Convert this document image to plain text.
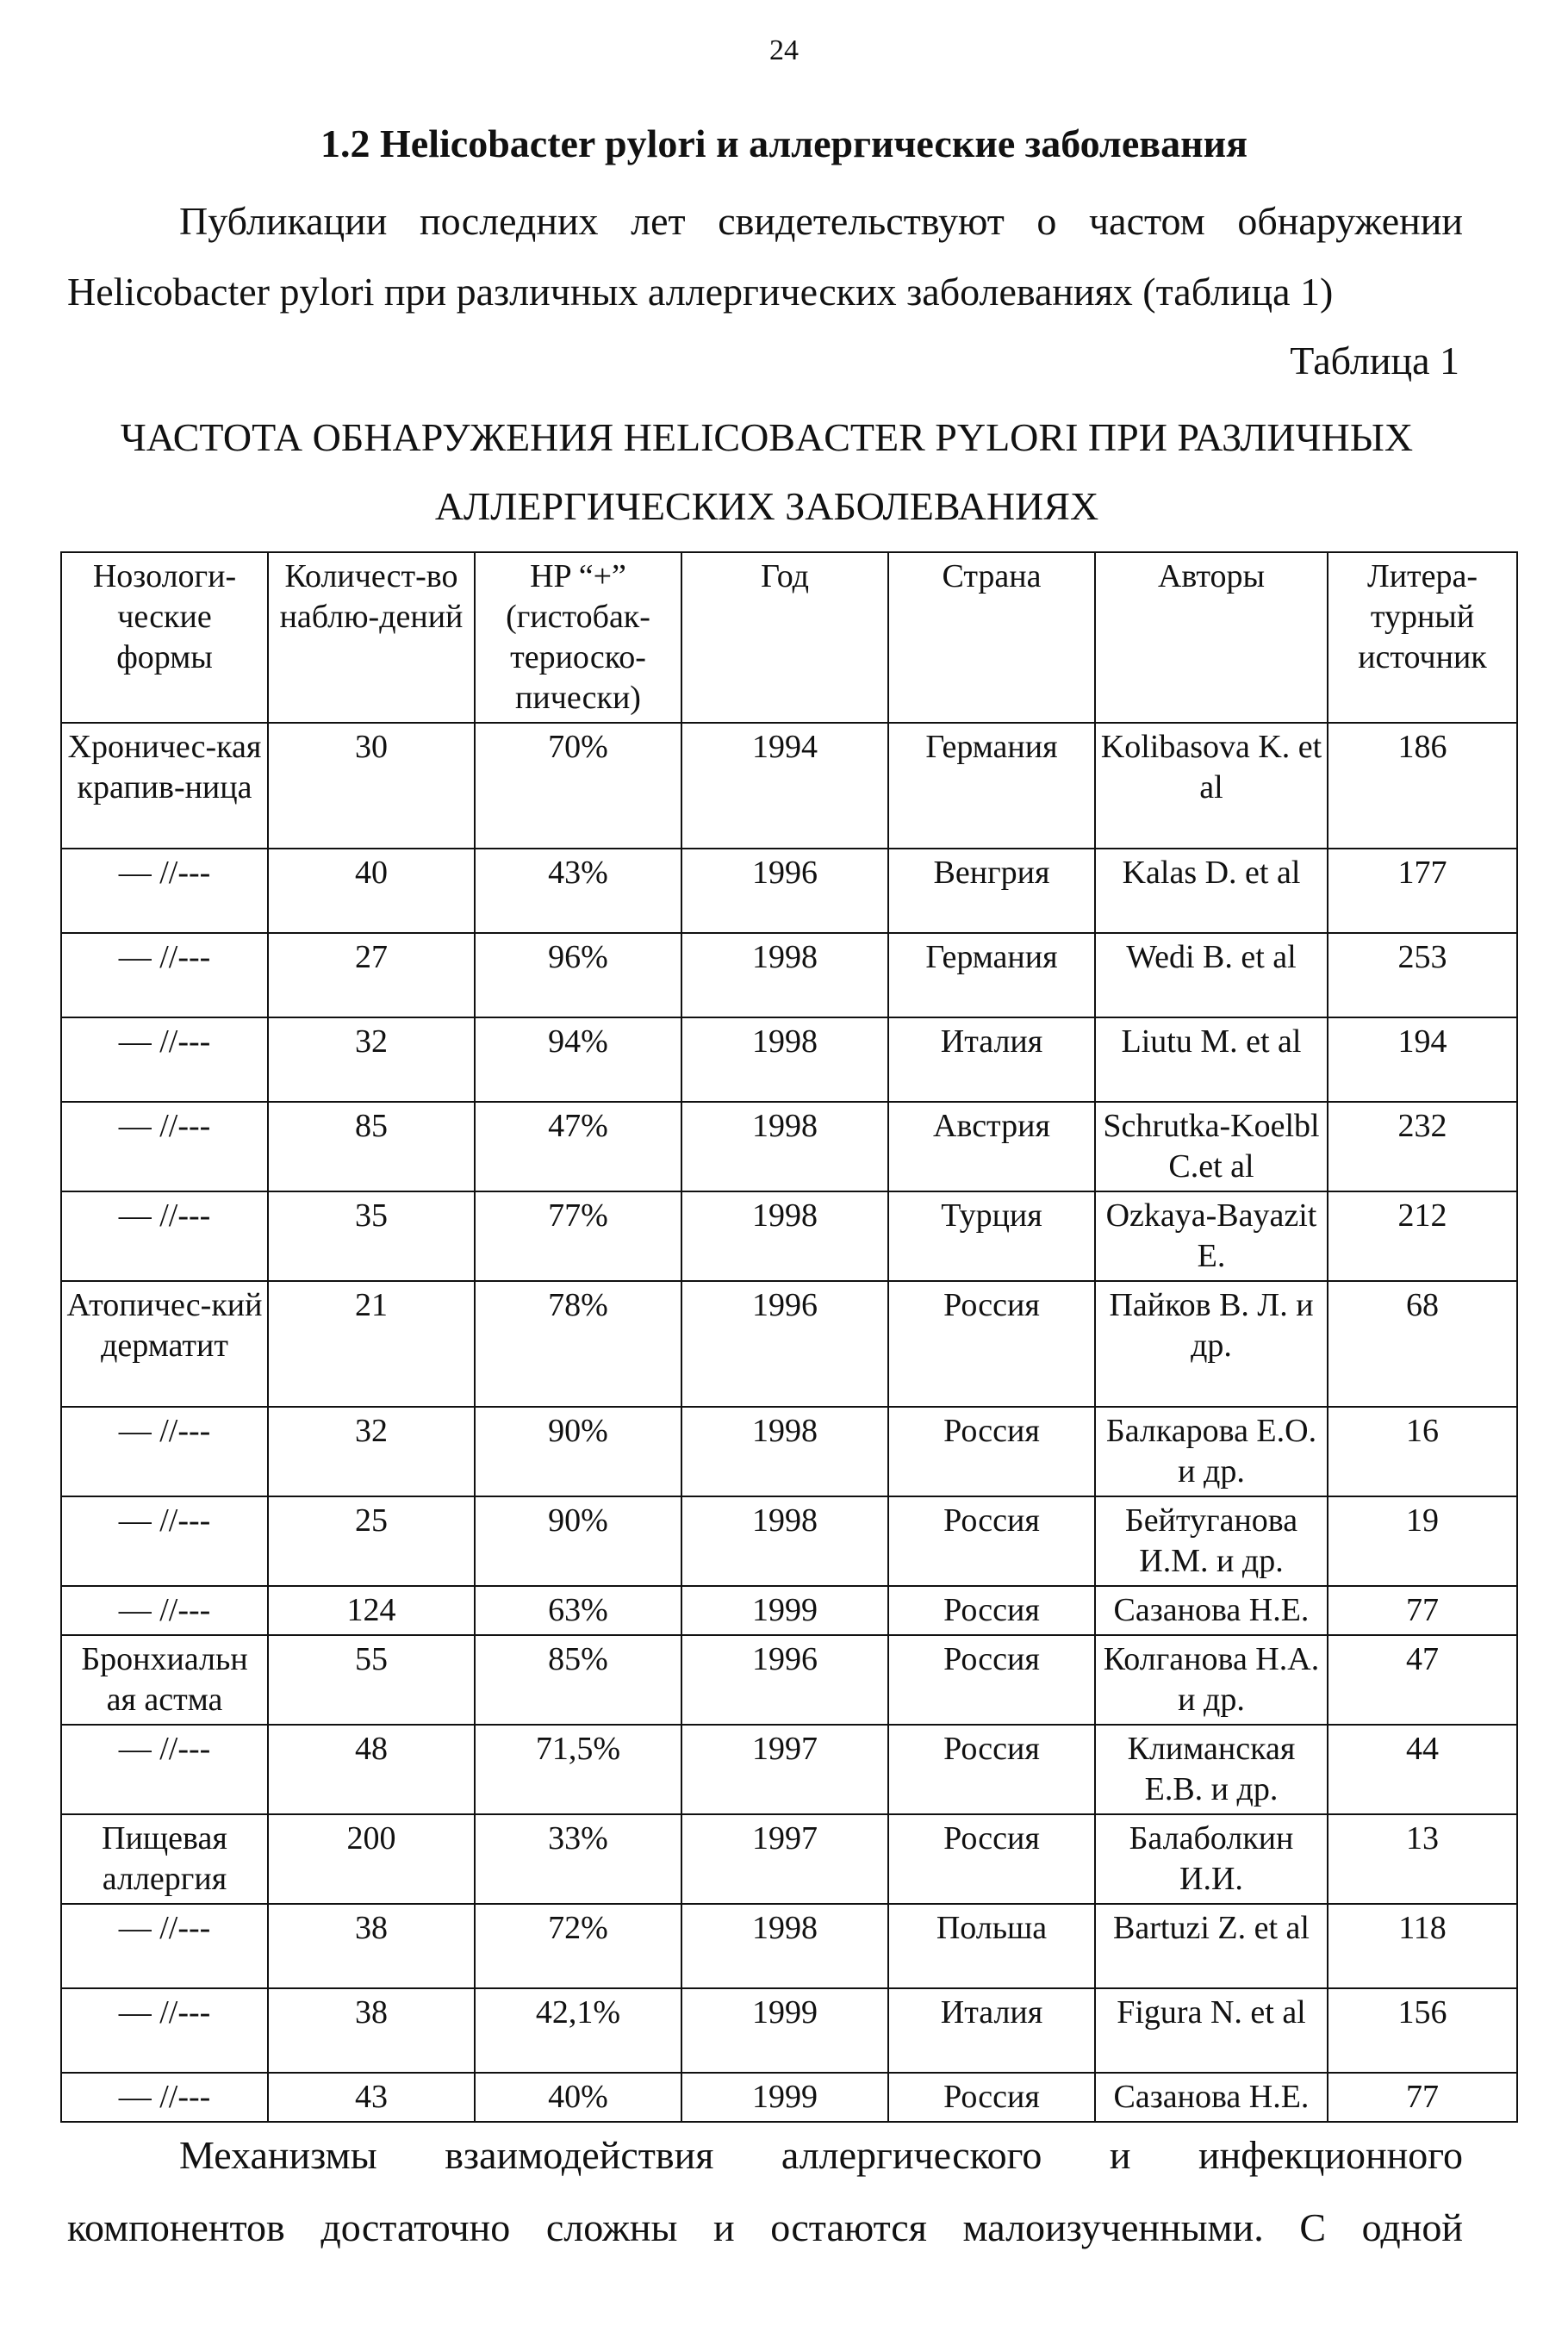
24
1.2 Helicobacter pylori и аллергические заболевания

Публикации последних лет свидетельствуют о частом обнаружении Helicobacter pylori при различных аллергических заболеваниях (таблица 1)

Таблица 1

ЧАСТОТА ОБНАРУЖЕНИЯ HELICOBACTER PYLORI ПРИ РАЗЛИЧНЫХ АЛЛЕРГИЧЕСКИХ ЗАБОЛЕВАНИЯХ

Нозологи-ческие формы	Количест-во наблю-дений	HP “+” (гистобак-териоско-пически)	Год	Страна	Авторы	Литера-турный источник
Хроничес-кая крапив-ница	30	70%	1994	Германия	Kolibasova K. et al	186
— //---	40	43%	1996	Венгрия	Kalas D. et al	177
— //---	27	96%	1998	Германия	Wedi B. et al	253
— //---	32	94%	1998	Италия	Liutu M. et al	194
— //---	85	47%	1998	Австрия	Schrutka-Koelbl C.et al	232
— //---	35	77%	1998	Турция	Ozkaya-Bayazit E.	212
Атопичес-кий дерматит	21	78%	1996	Россия	Пайков В. Л. и др.	68
— //---	32	90%	1998	Россия	Балкарова Е.О. и др.	16
— //---	25	90%	1998	Россия	Бейтуганова И.М. и др.	19
— //---	124	63%	1999	Россия	Сазанова Н.Е.	77
Бронхиальн ая астма	55	85%	1996	Россия	Колганова Н.А. и др.	47
— //---	48	71,5%	1997	Россия	Климанская Е.В. и др.	44
Пищевая аллергия	200	33%	1997	Россия	Балаболкин И.И.	13
— //---	38	72%	1998	Польша	Bartuzi Z. et al	118
— //---	38	42,1%	1999	Италия	Figura N. et al	156
— //---	43	40%	1999	Россия	Сазанова Н.Е.	77

Механизмы взаимодействия аллергического и инфекционного

компонентов достаточно сложны и остаются малоизученными. С одной
